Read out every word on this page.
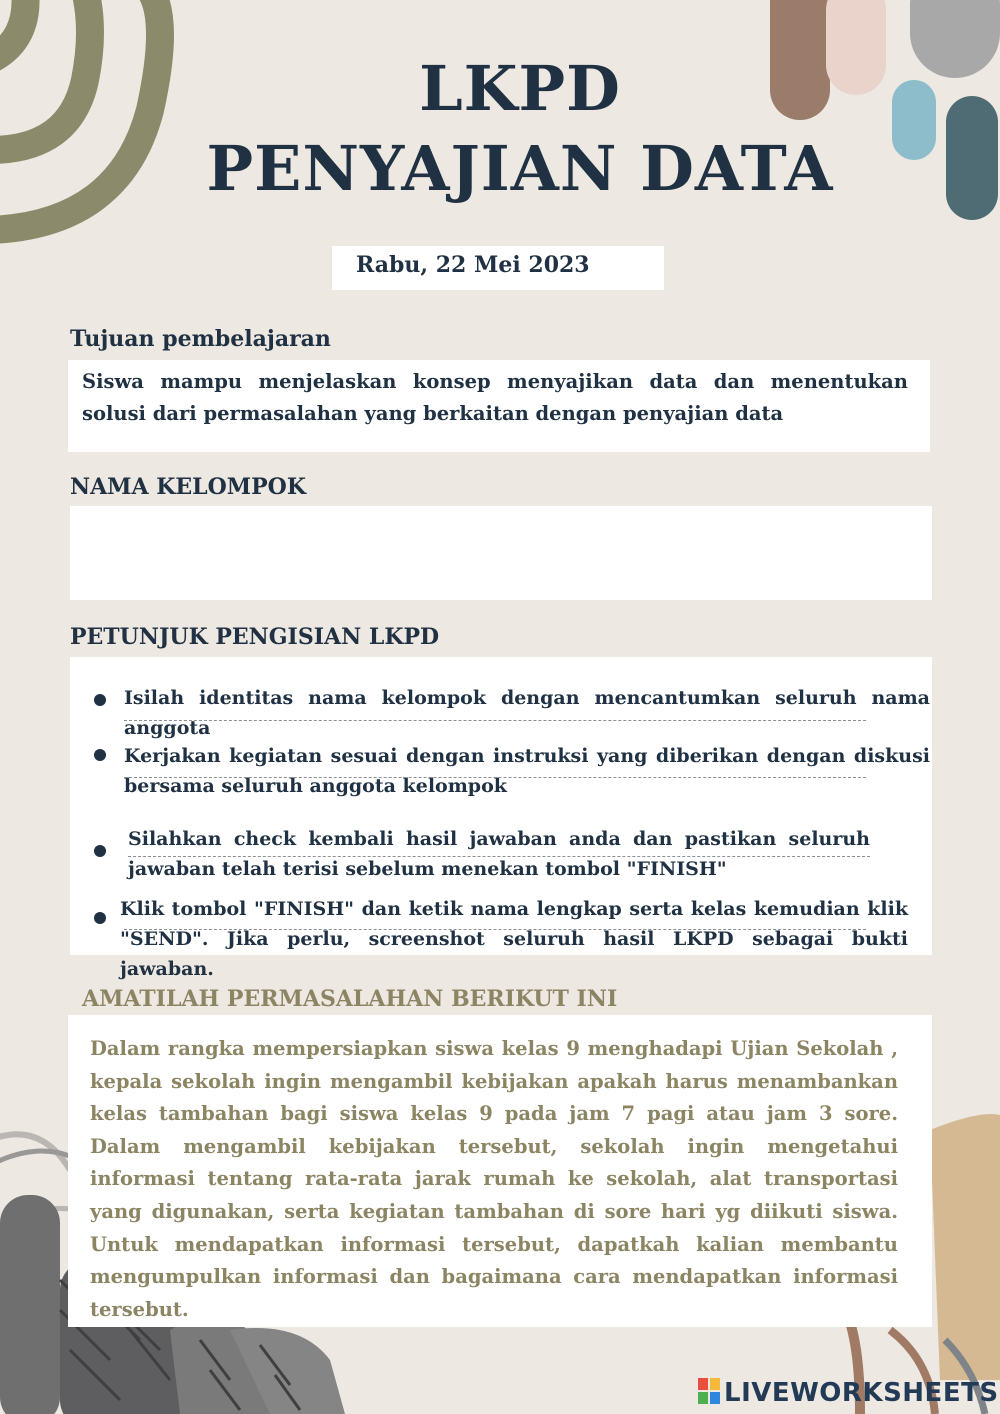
LKPD
PENYAJIAN DATA
Rabu, 22 Mei 2023
Tujuan pembelajaran
Siswa mampu menjelaskan konsep menyajikan data dan menentukan solusi dari permasalahan yang berkaitan dengan penyajian data
NAMA KELOMPOK
PETUNJUK PENGISIAN LKPD
Isilah identitas nama kelompok dengan mencantumkan seluruh nama anggota
Kerjakan kegiatan sesuai dengan instruksi yang diberikan dengan diskusi bersama seluruh anggota kelompok
Silahkan check kembali hasil jawaban anda dan pastikan seluruh jawaban telah terisi sebelum menekan tombol "FINISH"
Klik tombol "FINISH" dan ketik nama lengkap serta kelas kemudian klik "SEND". Jika perlu, screenshot seluruh hasil LKPD sebagai bukti jawaban.
AMATILAH PERMASALAHAN BERIKUT INI
Dalam rangka mempersiapkan siswa kelas 9 menghadapi Ujian Sekolah , kepala sekolah ingin mengambil kebijakan apakah harus menambankan kelas tambahan bagi siswa kelas 9 pada jam 7 pagi atau jam 3 sore. Dalam mengambil kebijakan tersebut, sekolah ingin mengetahui informasi tentang rata-rata jarak rumah ke sekolah, alat transportasi yang digunakan, serta kegiatan tambahan di sore hari yg diikuti siswa. Untuk mendapatkan informasi tersebut, dapatkah kalian membantu mengumpulkan informasi dan bagaimana cara mendapatkan informasi tersebut.
LIVEWORKSHEETS
